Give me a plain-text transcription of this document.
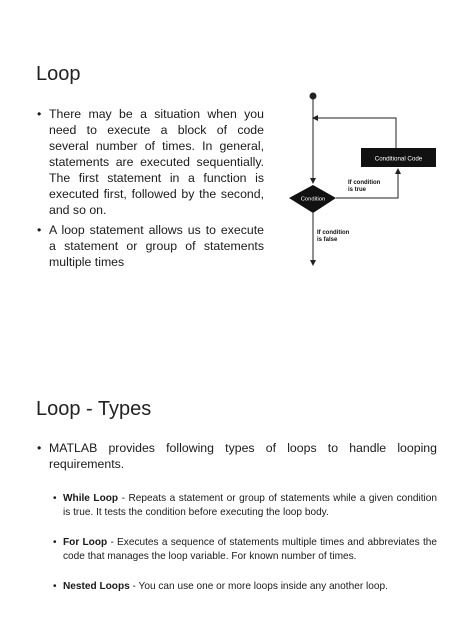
Loop
• There may be a situation when you need to execute a block of code several number of times. In general, statements are executed sequentially. The first statement in a function is executed first, followed by the second, and so on.
• A loop statement allows us to execute a statement or group of statements multiple times
Conditional Code
Condition
If condition
is true
If condition
is false
Loop - Types
• MATLAB provides following types of loops to handle looping requirements.
• While Loop - Repeats a statement or group of statements while a given condition is true. It tests the condition before executing the loop body.
• For Loop - Executes a sequence of statements multiple times and abbreviates the code that manages the loop variable. For known number of times.
• Nested Loops - You can use one or more loops inside any another loop.
